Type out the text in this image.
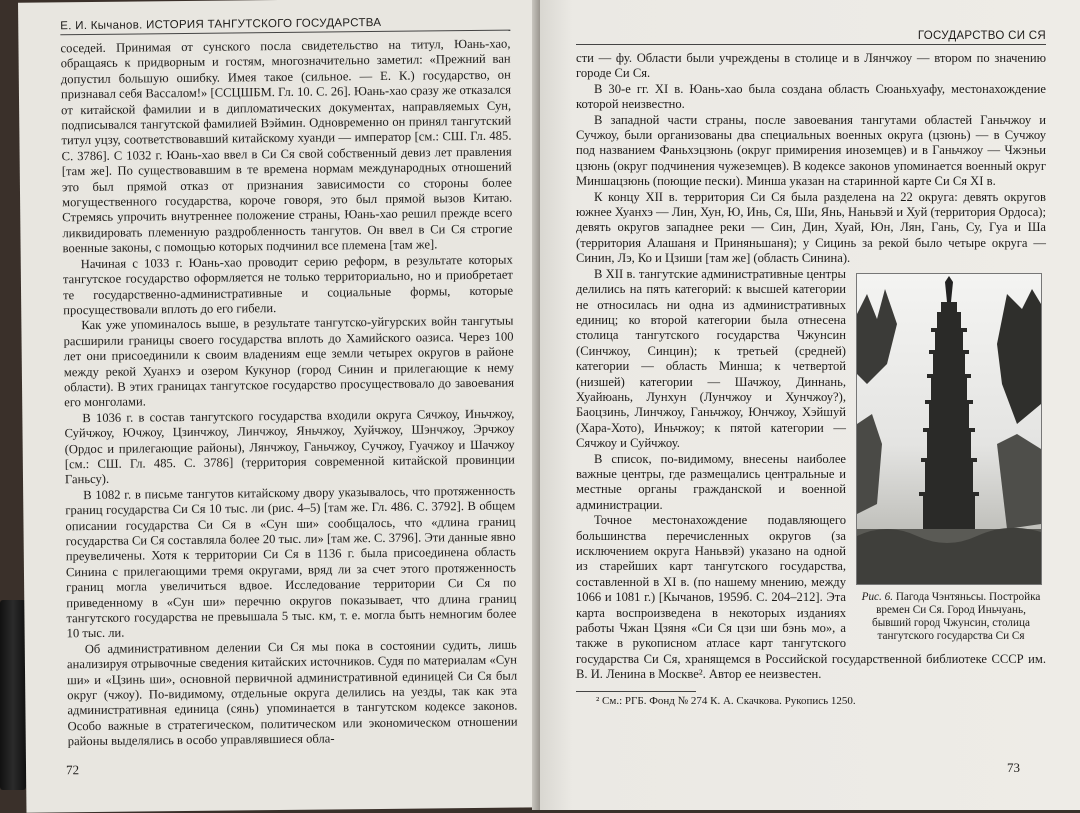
Е. И. Кычанов. ИСТОРИЯ ТАНГУТСКОГО ГОСУДАРСТВА

соседей. Принимая от сунского посла свидетельство на титул, Юань-хао, обращаясь к придворным и гостям, многозначительно заметил: «Прежний ван допустил большую ошибку. Имея такое (сильное. — Е. К.) государство, он признавал себя Вассалом!» [ССЦШБМ. Гл. 10. С. 26]. Юань-хао сразу же отказался от китайской фамилии и в дипломатических документах, направляемых Сун, подписывался тангутской фамилией Вэймин. Одновременно он принял тангутский титул уцзу, соответствовавший китайскому хуанди — император [см.: СШ. Гл. 485. С. 3786]. С 1032 г. Юань-хао ввел в Си Ся свой собственный девиз лет правления [там же]. По существовавшим в те времена нормам международных отношений это был прямой отказ от признания зависимости со стороны более могущественного государства, короче говоря, это был прямой вызов Китаю. Стремясь упрочить внутреннее положение страны, Юань-хао решил прежде всего ликвидировать племенную раздробленность тангутов. Он ввел в Си Ся строгие военные законы, с помощью которых подчинил все племена [там же].

Начиная с 1033 г. Юань-хао проводит серию реформ, в результате которых тангутское государство оформляется не только территориально, но и приобретает те государственно-административные и социальные формы, которые просуществовали вплоть до его гибели.

Как уже упоминалось выше, в результате тангутско-уйгурских войн тангутыы расширили границы своего государства вплоть до Хамийского оазиса. Через 100 лет они присоединили к своим владениям еще земли четырех округов в районе между рекой Хуанхэ и озером Кукунор (город Синин и прилегающие к нему области). В этих границах тангутское государство просуществовало до завоевания его монголами.

В 1036 г. в состав тангутского государства входили округа Сячжоу, Иньчжоу, Суйчжоу, Ючжоу, Цзинчжоу, Линчжоу, Яньчжоу, Хуйчжоу, Шэнчжоу, Эрчжоу (Ордос и прилегающие районы), Лянчжоу, Ганьчжоу, Сучжоу, Гуачжоу и Шачжоу [см.: СШ. Гл. 485. С. 3786] (территория современной китайской провинции Ганьсу).

В 1082 г. в письме тангутов китайскому двору указывалось, что протяженность границ государства Си Ся 10 тыс. ли (рис. 4–5) [там же. Гл. 486. С. 3792]. В общем описании государства Си Ся в «Сун ши» сообщалось, что «длина границ государства Си Ся составляла более 20 тыс. ли» [там же. С. 3796]. Эти данные явно преувеличены. Хотя к территории Си Ся в 1136 г. была присоединена область Синина с прилегающими тремя округами, вряд ли за счет этого протяженность границ могла увеличиться вдвое. Исследование территории Си Ся по приведенному в «Сун ши» перечню округов показывает, что длина границ тангутского государства не превышала 5 тыс. км, т. е. могла быть немногим более 10 тыс. ли.

Об административном делении Си Ся мы пока в состоянии судить, лишь анализируя отрывочные сведения китайских источников. Судя по материалам «Сун ши» и «Цзинь ши», основной первичной административной единицей Си Ся был округ (чжоу). По-видимому, отдельные округа делились на уезды, так как эта административная единица (сянь) упоминается в тангутском кодексе законов. Особо важные в стратегическом, политическом или экономическом отношении районы выделялись в особо управлявшиеся обла-

72
ГОСУДАРСТВО СИ СЯ

сти — фу. Области были учреждены в столице и в Лянчжоу — втором по значению городе Си Ся.

В 30-е гг. XI в. Юань-хао была создана область Сюаньхуафу, местонахождение которой неизвестно.

В западной части страны, после завоевания тангутами областей Ганьчжоу и Сучжоу, были организованы два специальных военных округа (цзюнь) — в Сучжоу под названием Фаньхэцзюнь (округ примирения иноземцев) и в Ганьчжоу — Чжэньи цзюнь (округ подчинения чужеземцев). В кодексе законов упоминается военный округ Миншацзюнь (поющие пески). Минша указан на старинной карте Си Ся XI в.

К концу XII в. территория Си Ся была разделена на 22 округа: девять округов южнее Хуанхэ — Лин, Хун, Ю, Инь, Ся, Ши, Янь, Наньвэй и Хуй (территория Ордоса); девять округов западнее реки — Син, Дин, Хуай, Юн, Лян, Гань, Су, Гуа и Ша (территория Алашаня и Приняньшаня); у Сицинь за рекой было четыре округа — Синин, Лэ, Ко и Цзиши [там же] (область Синина).

Рис. 6. Пагода Чэнтяньсы. Постройка времен Си Ся. Город Иньчуань, бывший город Чжунсин, столица тангутского государства Си Ся

В XII в. тангутские административные центры делились на пять категорий: к высшей категории не относилась ни одна из административных единиц; ко второй категории была отнесена столица тангутского государства Чжунсин (Синчжоу, Синцин); к третьей (средней) категории — область Минша; к четвертой (низшей) категории — Шачжоу, Диннань, Хуайюань, Лунхун (Лунчжоу и Хунчжоу?), Баоцзинь, Линчжоу, Ганьчжоу, Юнчжоу, Хэйшуй (Хара-Хото), Иньчжоу; к пятой категории — Сячжоу и Суйчжоу.

В список, по-видимому, внесены наиболее важные центры, где размещались центральные и местные органы гражданской и военной администрации.

Точное местонахождение подавляющего большинства перечисленных округов (за исключением округа Наньвэй) указано на одной из старейших карт тангутского государства, составленной в XI в. (по нашему мнению, между 1066 и 1081 г.) [Кычанов, 1959б. С. 204–212]. Эта карта воспроизведена в некоторых изданиях работы Чжан Цзяня «Си Ся цзи ши бэнь мо», а также в рукописном атласе карт тангутского государства Си Ся, хранящемся в Российской государственной библиотеке СССР им. В. И. Ленина в Москве². Автор ее неизвестен.

² См.: РГБ. Фонд № 274 К. А. Скачкова. Рукопись 1250.
73
